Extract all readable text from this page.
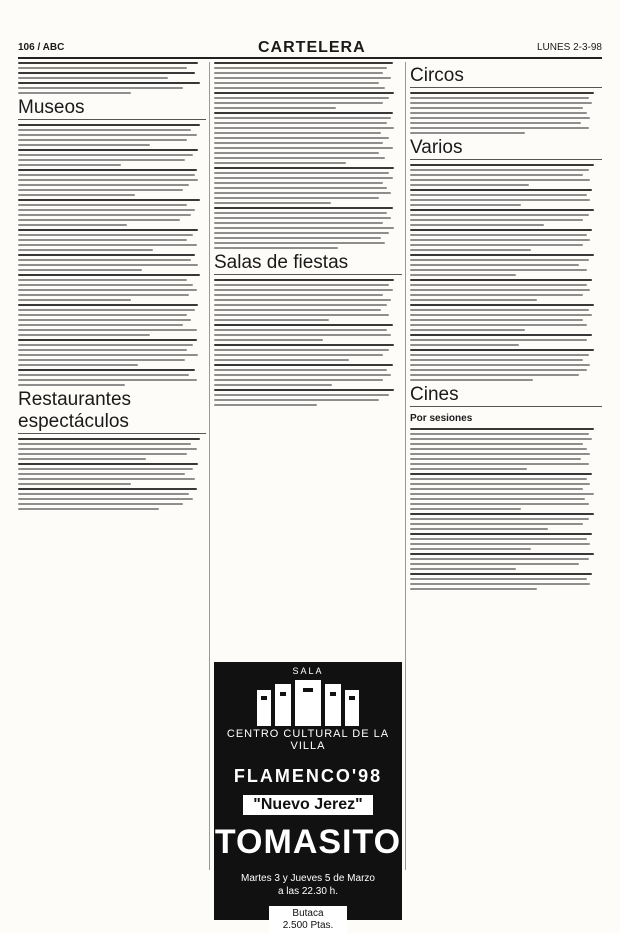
106 / ABC	CARTELERA	LUNES 2-3-98
Museos
Restaurantes espectáculos
Salas de fiestas
SALA
CENTRO CULTURAL DE LA VILLA
FLAMENCO'98
"Nuevo Jerez"
TOMASITO
Martes 3 y Jueves 5 de Marzo
a las 22.30 h.
Butaca
2.500 Ptas.
Circos
Varios
Cines
Por sesiones
